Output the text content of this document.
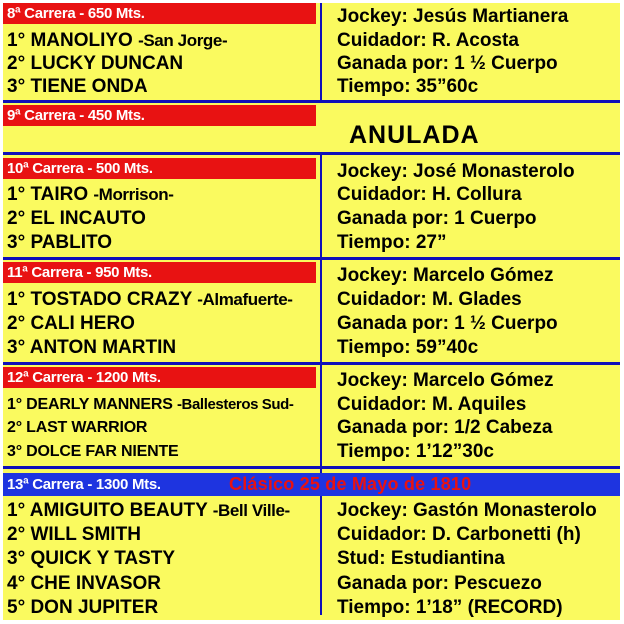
8ª Carrera - 650 Mts.
1° MANOLIYO -San Jorge-
2° LUCKY DUNCAN
3° TIENE ONDA
Jockey: Jesús Martianera
Cuidador: R. Acosta
Ganada por: 1 ½ Cuerpo
Tiempo: 35”60c
9ª Carrera - 450 Mts.
ANULADA
10ª Carrera - 500 Mts.
1° TAIRO -Morrison-
2° EL INCAUTO
3° PABLITO
Jockey: José Monasterolo
Cuidador: H. Collura
Ganada por: 1 Cuerpo
Tiempo: 27”
11ª Carrera - 950 Mts.
1° TOSTADO CRAZY -Almafuerte-
2° CALI HERO
3° ANTON MARTIN
Jockey: Marcelo Gómez
Cuidador: M. Glades
Ganada por: 1 ½ Cuerpo
Tiempo: 59”40c
12ª Carrera - 1200 Mts.
1° DEARLY MANNERS -Ballesteros Sud-
2° LAST WARRIOR
3° DOLCE FAR NIENTE
Jockey: Marcelo Gómez
Cuidador: M. Aquiles
Ganada por: 1/2 Cabeza
Tiempo: 1’12”30c
13ª Carrera - 1300 Mts.	Clásico 25 de Mayo de 1810
1° AMIGUITO BEAUTY -Bell Ville-
2° WILL SMITH
3° QUICK Y TASTY
4° CHE INVASOR
5° DON JUPITER
Jockey: Gastón Monasterolo
Cuidador: D. Carbonetti (h)
Stud: Estudiantina
Ganada por: Pescuezo
Tiempo: 1’18” (RECORD)
